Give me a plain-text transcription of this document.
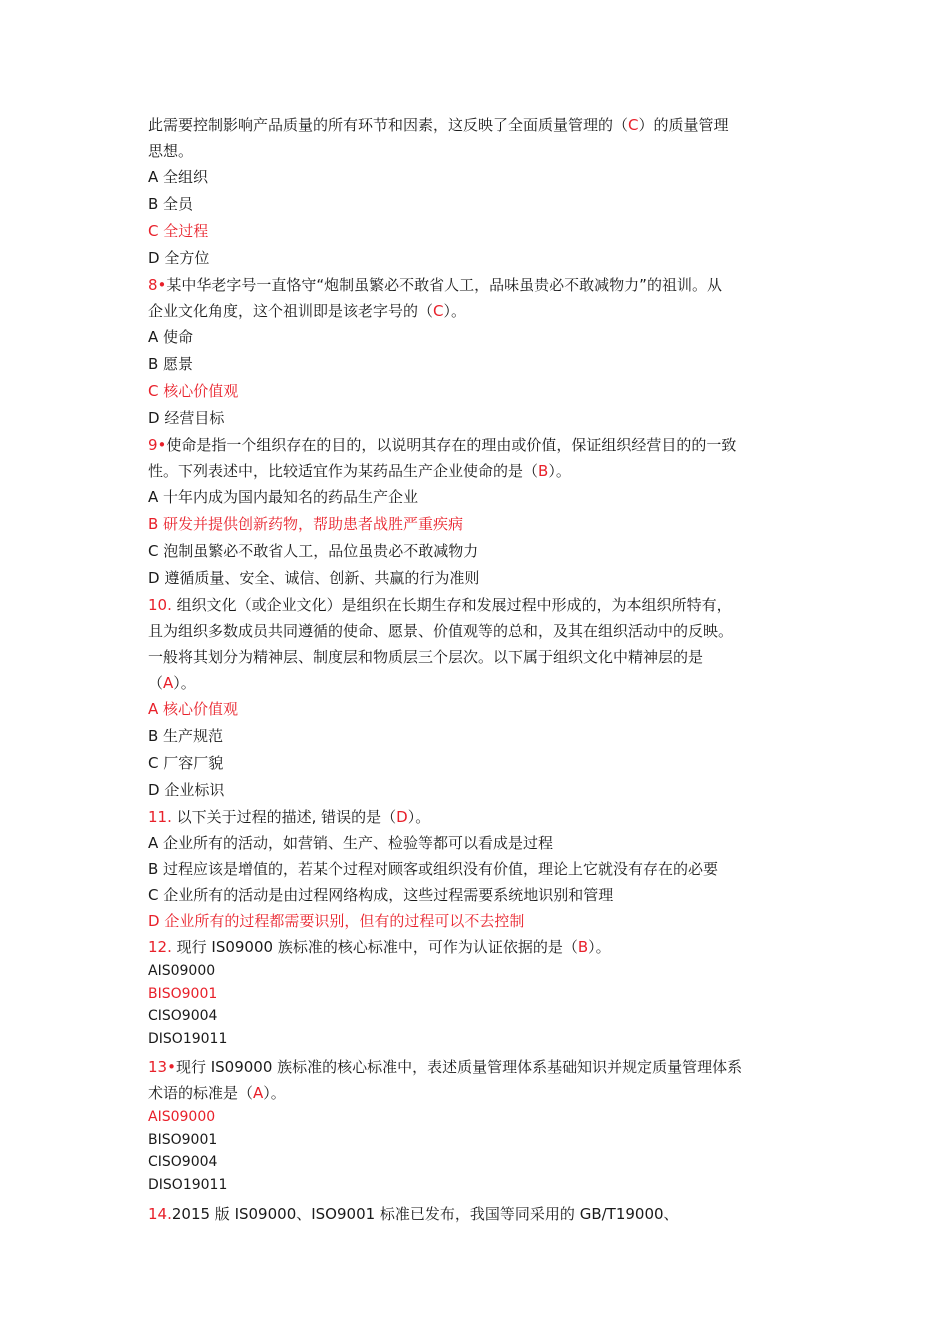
此需要控制影响产品质量的所有环节和因素，这反映了全面质量管理的（C）的质量管理
思想。
A 全组织
B 全员
C 全过程
D 全方位
8•某中华老字号一直恪守“炮制虽繁必不敢省人工，品味虽贵必不敢减物力”的祖训。从
企业文化角度，这个祖训即是该老字号的（C）。
A 使命
B 愿景
C 核心价值观
D 经营目标
9•使命是指一个组织存在的目的，以说明其存在的理由或价值，保证组织经营目的的一致
性。下列表述中，比较适宜作为某药品生产企业使命的是（B）。
A 十年内成为国内最知名的药品生产企业
B 研发并提供创新药物，帮助患者战胜严重疾病
C 泡制虽繁必不敢省人工，品位虽贵必不敢减物力
D 遵循质量、安全、诚信、创新、共赢的行为准则
10. 组织文化（或企业文化）是组织在长期生存和发展过程中形成的，为本组织所特有，
且为组织多数成员共同遵循的使命、愿景、价值观等的总和，及其在组织活动中的反映。
一般将其划分为精神层、制度层和物质层三个层次。以下属于组织文化中精神层的是
（A）。
A 核心价值观
B 生产规范
C 厂容厂貌
D 企业标识
11. 以下关于过程的描述, 错误的是（D）。
A 企业所有的活动，如营销、生产、检验等都可以看成是过程
B 过程应该是增值的，若某个过程对顾客或组织没有价值，理论上它就没有存在的必要
C 企业所有的活动是由过程网络构成，这些过程需要系统地识别和管理
D 企业所有的过程都需要识别，但有的过程可以不去控制
12. 现行 IS09000 族标准的核心标准中，可作为认证依据的是（B）。
AIS09000
BISO9001
CISO9004
DISO19011
13•现行 IS09000 族标准的核心标准中，表述质量管理体系基础知识并规定质量管理体系
术语的标准是（A）。
AIS09000
BISO9001
CISO9004
DISO19011
14.2015 版 IS09000、ISO9001 标准已发布，我国等同采用的 GB/T19000、
